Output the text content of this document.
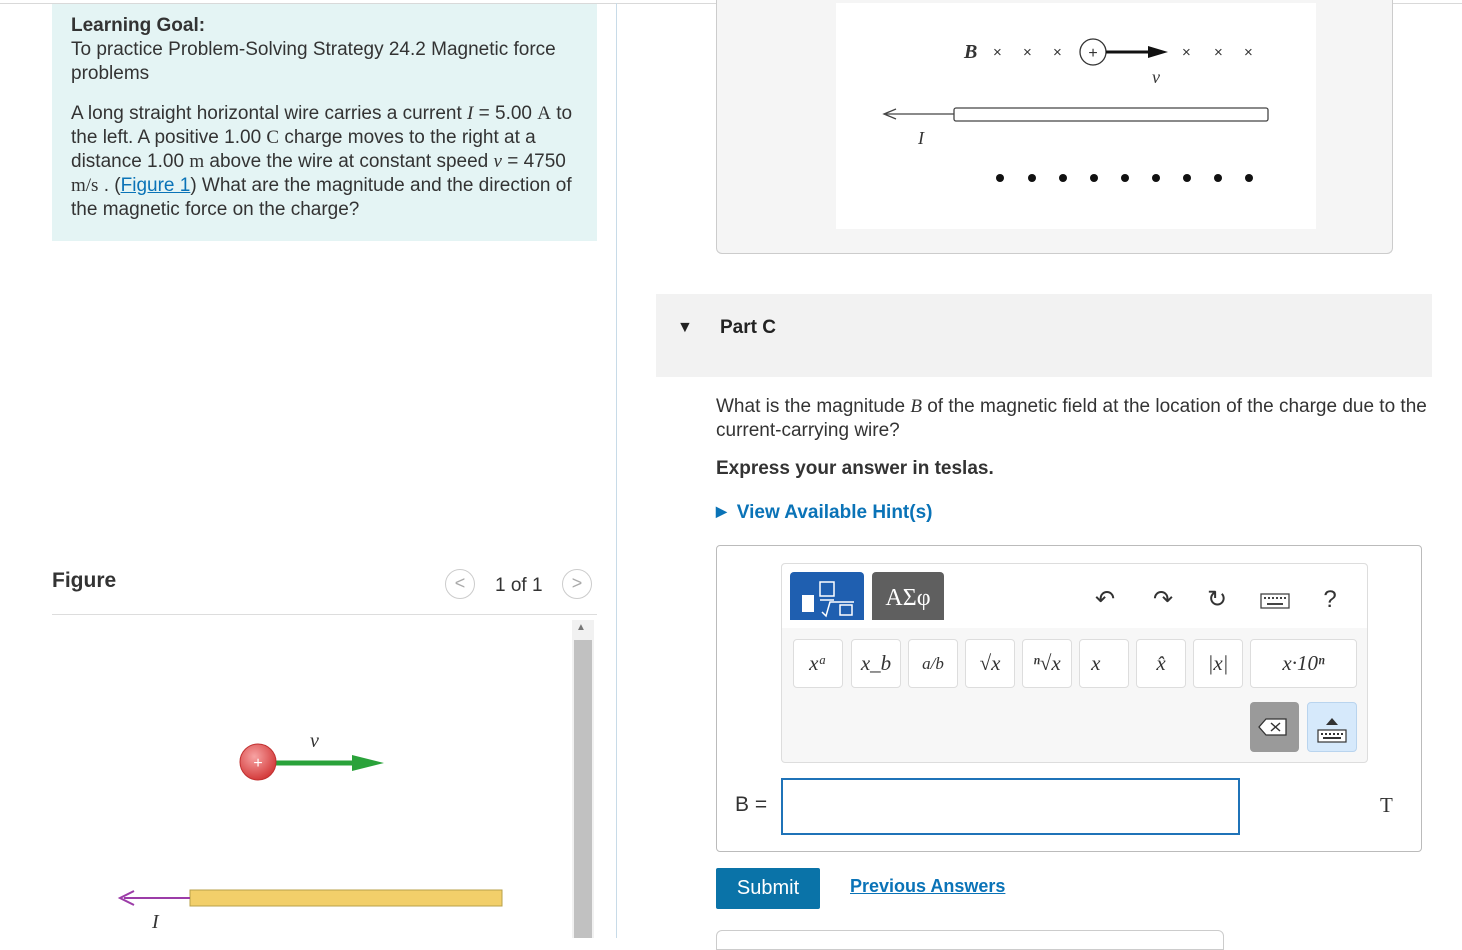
Learning Goal:
To practice Problem-Solving Strategy 24.2 Magnetic force problems
A long straight horizontal wire carries a current I = 5.00 A to the left. A positive 1.00 C charge moves to the right at a distance 1.00 m above the wire at constant speed v = 4750 m/s . (Figure 1) What are the magnitude and the direction of the magnetic force on the charge?
Figure	<	1 of 1	>
+
v⃗
I
▲
B⃗ × × ×	× × ×
+
v⃗
I
▼ Part C
What is the magnitude B of the magnetic field at the location of the charge due to the current-carrying wire?
Express your answer in teslas.
▶ View Available Hint(s)
ΑΣφ	↶ ↷ ↻	?
xᵃ	x_b	a/b	√x	ⁿ√x	x⃗	x̂	|x|	x·10ⁿ
B =	T
Submit	Previous Answers
